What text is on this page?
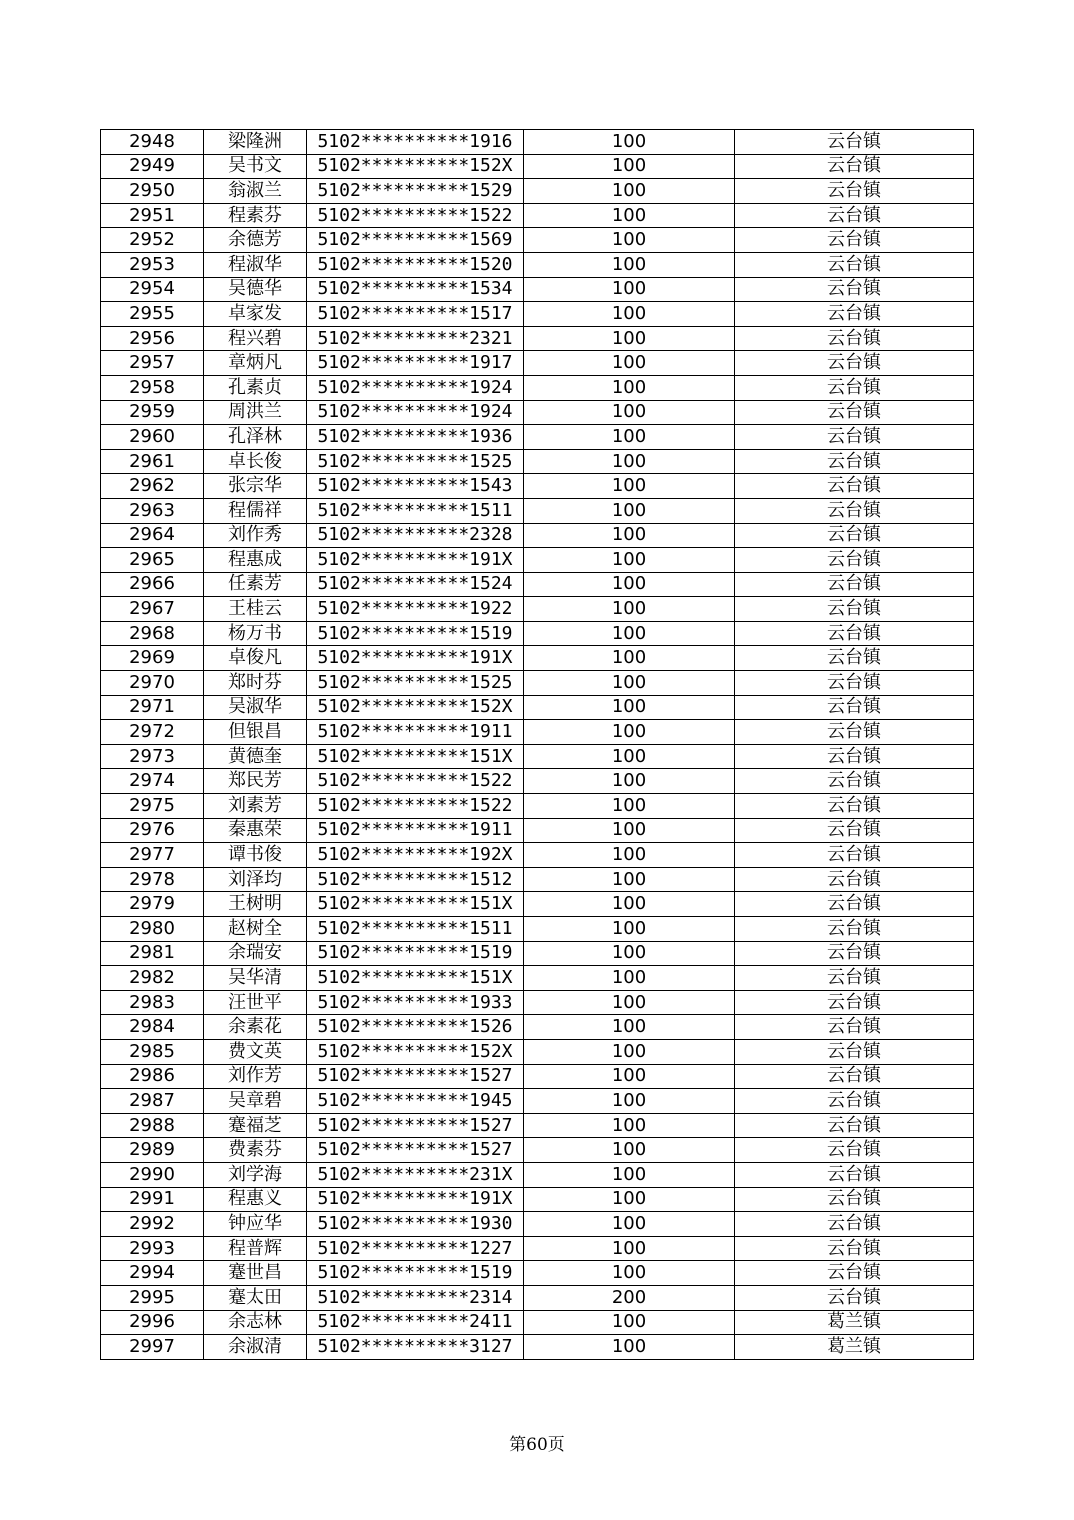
2948	梁隆洲	5102**********1916	100	云台镇
2949	吴书文	5102**********152X	100	云台镇
2950	翁淑兰	5102**********1529	100	云台镇
2951	程素芬	5102**********1522	100	云台镇
2952	余德芳	5102**********1569	100	云台镇
2953	程淑华	5102**********1520	100	云台镇
2954	吴德华	5102**********1534	100	云台镇
2955	卓家发	5102**********1517	100	云台镇
2956	程兴碧	5102**********2321	100	云台镇
2957	章炳凡	5102**********1917	100	云台镇
2958	孔素贞	5102**********1924	100	云台镇
2959	周洪兰	5102**********1924	100	云台镇
2960	孔泽林	5102**********1936	100	云台镇
2961	卓长俊	5102**********1525	100	云台镇
2962	张宗华	5102**********1543	100	云台镇
2963	程儒祥	5102**********1511	100	云台镇
2964	刘作秀	5102**********2328	100	云台镇
2965	程惠成	5102**********191X	100	云台镇
2966	任素芳	5102**********1524	100	云台镇
2967	王桂云	5102**********1922	100	云台镇
2968	杨万书	5102**********1519	100	云台镇
2969	卓俊凡	5102**********191X	100	云台镇
2970	郑时芬	5102**********1525	100	云台镇
2971	吴淑华	5102**********152X	100	云台镇
2972	但银昌	5102**********1911	100	云台镇
2973	黄德奎	5102**********151X	100	云台镇
2974	郑民芳	5102**********1522	100	云台镇
2975	刘素芳	5102**********1522	100	云台镇
2976	秦惠荣	5102**********1911	100	云台镇
2977	谭书俊	5102**********192X	100	云台镇
2978	刘泽均	5102**********1512	100	云台镇
2979	王树明	5102**********151X	100	云台镇
2980	赵树全	5102**********1511	100	云台镇
2981	余瑞安	5102**********1519	100	云台镇
2982	吴华清	5102**********151X	100	云台镇
2983	汪世平	5102**********1933	100	云台镇
2984	余素花	5102**********1526	100	云台镇
2985	费文英	5102**********152X	100	云台镇
2986	刘作芳	5102**********1527	100	云台镇
2987	吴章碧	5102**********1945	100	云台镇
2988	蹇福芝	5102**********1527	100	云台镇
2989	费素芬	5102**********1527	100	云台镇
2990	刘学海	5102**********231X	100	云台镇
2991	程惠义	5102**********191X	100	云台镇
2992	钟应华	5102**********1930	100	云台镇
2993	程普辉	5102**********1227	100	云台镇
2994	蹇世昌	5102**********1519	100	云台镇
2995	蹇太田	5102**********2314	200	云台镇
2996	余志林	5102**********2411	100	葛兰镇
2997	余淑清	5102**********3127	100	葛兰镇
第60页
